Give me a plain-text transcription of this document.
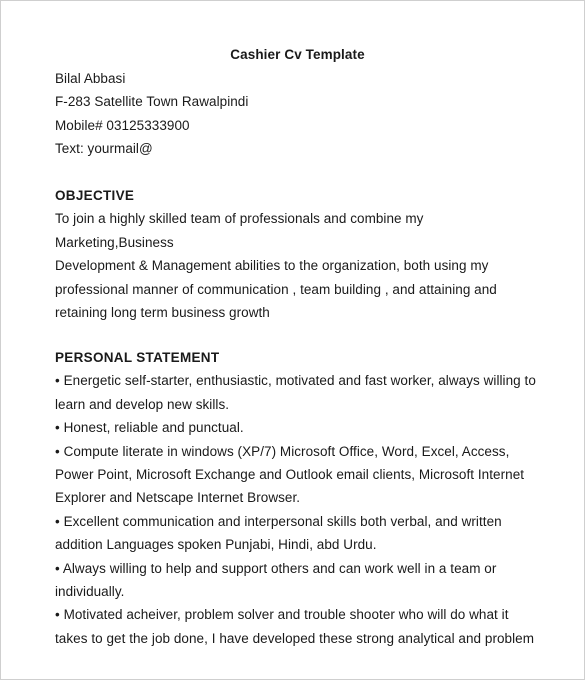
Cashier Cv Template
Bilal Abbasi
F-283 Satellite Town Rawalpindi
Mobile# 03125333900
Text: yourmail@
OBJECTIVE
To join a highly skilled team of professionals and combine my
Marketing,Business
Development & Management abilities to the organization, both using my
professional manner of communication , team building , and attaining and
retaining long term business growth
PERSONAL STATEMENT
• Energetic self-starter, enthusiastic, motivated and fast worker, always willing to
learn and develop new skills.
• Honest, reliable and punctual.
• Compute literate in windows (XP/7) Microsoft Office, Word, Excel, Access,
Power Point, Microsoft Exchange and Outlook email clients, Microsoft Internet
Explorer and Netscape Internet Browser.
• Excellent communication and interpersonal skills both verbal, and written
addition Languages spoken Punjabi, Hindi, abd Urdu.
• Always willing to help and support others and can work well in a team or
individually.
• Motivated acheiver, problem solver and trouble shooter who will do what it
takes to get the job done, I have developed these strong analytical and problem
